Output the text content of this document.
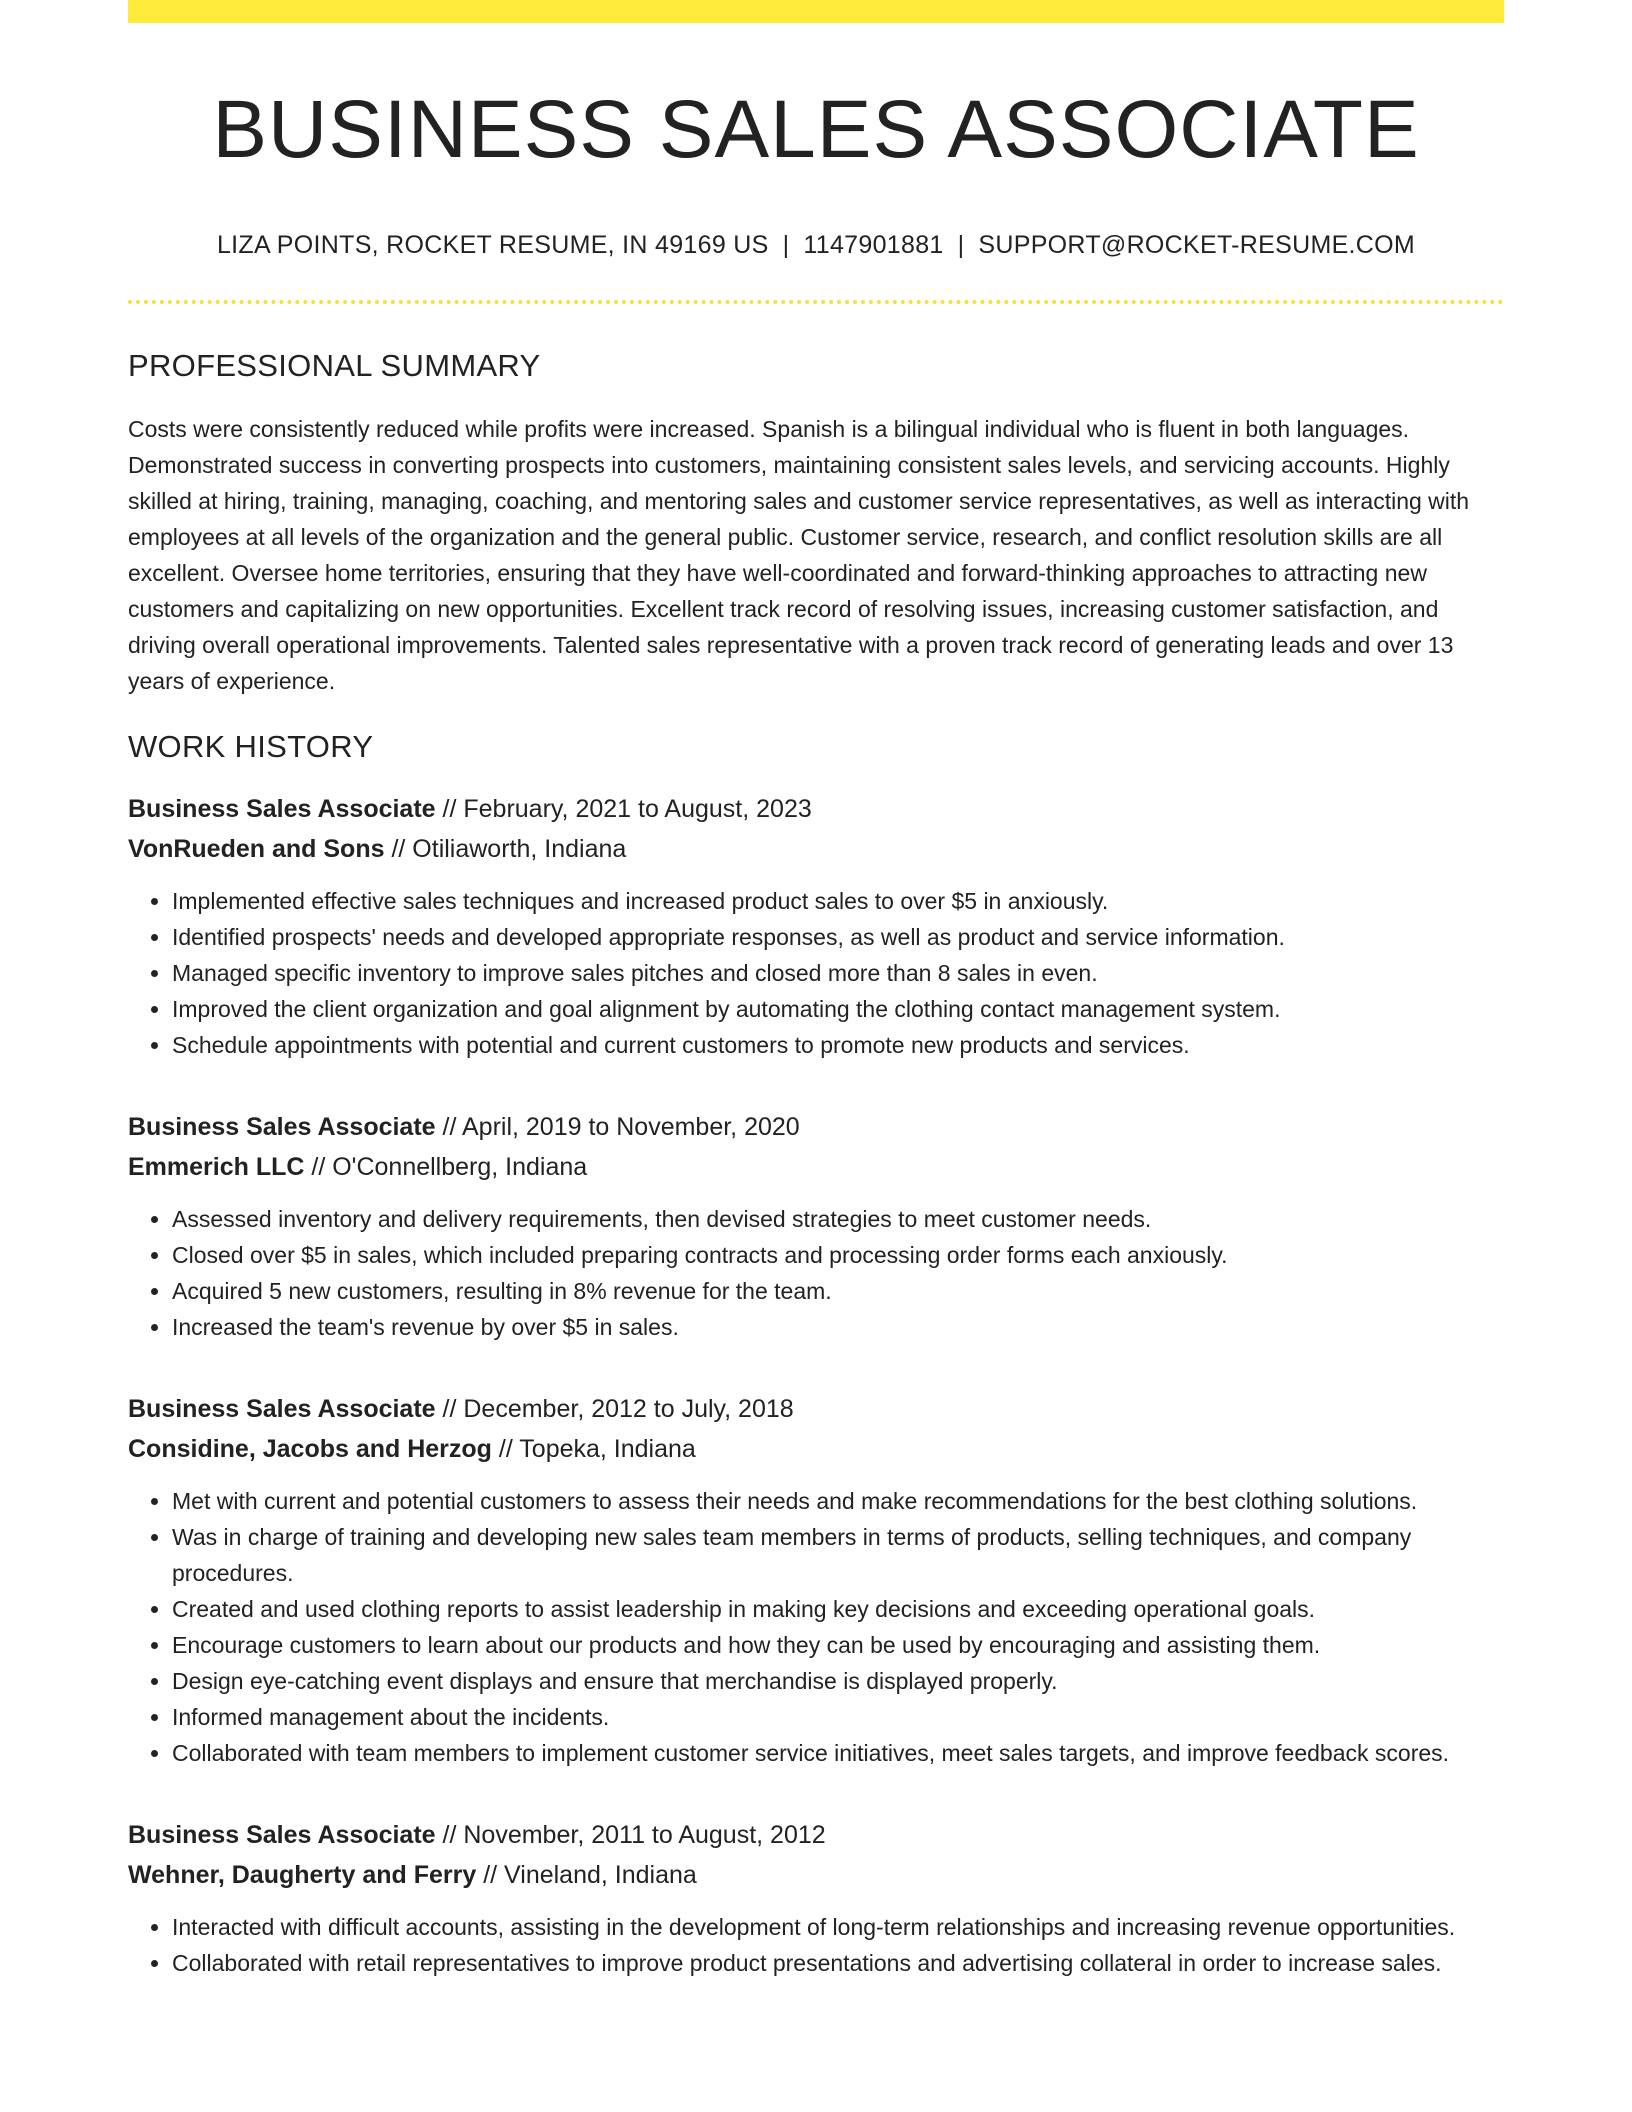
BUSINESS SALES ASSOCIATE
LIZA POINTS, ROCKET RESUME, IN 49169 US | 1147901881 | SUPPORT@ROCKET-RESUME.COM
PROFESSIONAL SUMMARY

Costs were consistently reduced while profits were increased. Spanish is a bilingual individual who is fluent in both languages. Demonstrated success in converting prospects into customers, maintaining consistent sales levels, and servicing accounts. Highly skilled at hiring, training, managing, coaching, and mentoring sales and customer service representatives, as well as interacting with employees at all levels of the organization and the general public. Customer service, research, and conflict resolution skills are all excellent. Oversee home territories, ensuring that they have well-coordinated and forward-thinking approaches to attracting new customers and capitalizing on new opportunities. Excellent track record of resolving issues, increasing customer satisfaction, and driving overall operational improvements. Talented sales representative with a proven track record of generating leads and over 13 years of experience.

WORK HISTORY
Business Sales Associate // February, 2021 to August, 2023
VonRueden and Sons // Otiliaworth, Indiana
• Implemented effective sales techniques and increased product sales to over $5 in anxiously.
• Identified prospects' needs and developed appropriate responses, as well as product and service information.
• Managed specific inventory to improve sales pitches and closed more than 8 sales in even.
• Improved the client organization and goal alignment by automating the clothing contact management system.
• Schedule appointments with potential and current customers to promote new products and services.
Business Sales Associate // April, 2019 to November, 2020
Emmerich LLC // O'Connellberg, Indiana
• Assessed inventory and delivery requirements, then devised strategies to meet customer needs.
• Closed over $5 in sales, which included preparing contracts and processing order forms each anxiously.
• Acquired 5 new customers, resulting in 8% revenue for the team.
• Increased the team's revenue by over $5 in sales.
Business Sales Associate // December, 2012 to July, 2018
Considine, Jacobs and Herzog // Topeka, Indiana
• Met with current and potential customers to assess their needs and make recommendations for the best clothing solutions.
• Was in charge of training and developing new sales team members in terms of products, selling techniques, and company procedures.
• Created and used clothing reports to assist leadership in making key decisions and exceeding operational goals.
• Encourage customers to learn about our products and how they can be used by encouraging and assisting them.
• Design eye-catching event displays and ensure that merchandise is displayed properly.
• Informed management about the incidents.
• Collaborated with team members to implement customer service initiatives, meet sales targets, and improve feedback scores.
Business Sales Associate // November, 2011 to August, 2012
Wehner, Daugherty and Ferry // Vineland, Indiana
• Interacted with difficult accounts, assisting in the development of long-term relationships and increasing revenue opportunities.
• Collaborated with retail representatives to improve product presentations and advertising collateral in order to increase sales.
